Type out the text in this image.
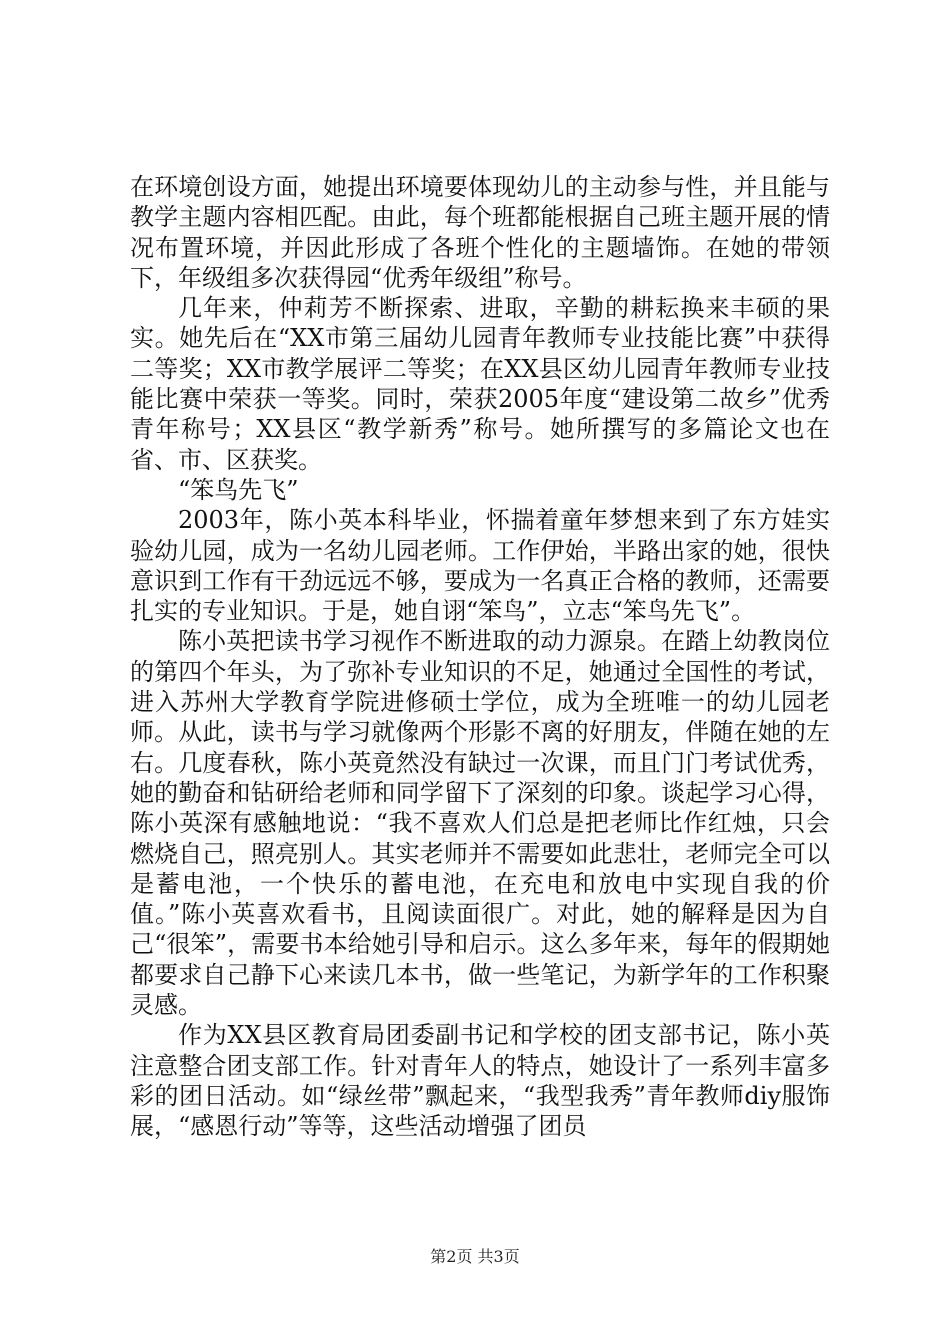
在环境创设方面，她提出环境要体现幼儿的主动参与性，并且能与教学主题内容相匹配。由此，每个班都能根据自己班主题开展的情况布置环境，并因此形成了各班个性化的主题墙饰。在她的带领下，年级组多次获得园“优秀年级组”称号。

几年来，仲莉芳不断探索、进取，辛勤的耕耘换来丰硕的果实。她先后在“XX市第三届幼儿园青年教师专业技能比赛”中获得二等奖；XX市教学展评二等奖；在XX县区幼儿园青年教师专业技能比赛中荣获一等奖。同时，荣获2005年度“建设第二故乡”优秀青年称号；XX县区“教学新秀”称号。她所撰写的多篇论文也在省、市、区获奖。

“笨鸟先飞”

2003年，陈小英本科毕业，怀揣着童年梦想来到了东方娃实验幼儿园，成为一名幼儿园老师。工作伊始，半路出家的她，很快意识到工作有干劲远远不够，要成为一名真正合格的教师，还需要扎实的专业知识。于是，她自诩“笨鸟”，立志“笨鸟先飞”。

陈小英把读书学习视作不断进取的动力源泉。在踏上幼教岗位的第四个年头，为了弥补专业知识的不足，她通过全国性的考试，进入苏州大学教育学院进修硕士学位，成为全班唯一的幼儿园老师。从此，读书与学习就像两个形影不离的好朋友，伴随在她的左右。几度春秋，陈小英竟然没有缺过一次课，而且门门考试优秀，她的勤奋和钻研给老师和同学留下了深刻的印象。谈起学习心得，陈小英深有感触地说：“我不喜欢人们总是把老师比作红烛，只会燃烧自己，照亮别人。其实老师并不需要如此悲壮，老师完全可以是蓄电池，一个快乐的蓄电池，在充电和放电中实现自我的价值。”陈小英喜欢看书，且阅读面很广。对此，她的解释是因为自己“很笨”，需要书本给她引导和启示。这么多年来，每年的假期她都要求自己静下心来读几本书，做一些笔记，为新学年的工作积聚灵感。

作为XX县区教育局团委副书记和学校的团支部书记，陈小英注意整合团支部工作。针对青年人的特点，她设计了一系列丰富多彩的团日活动。如“绿丝带”飘起来，“我型我秀”青年教师diy服饰展，“感恩行动”等等，这些活动增强了团员

第2页 共3页
